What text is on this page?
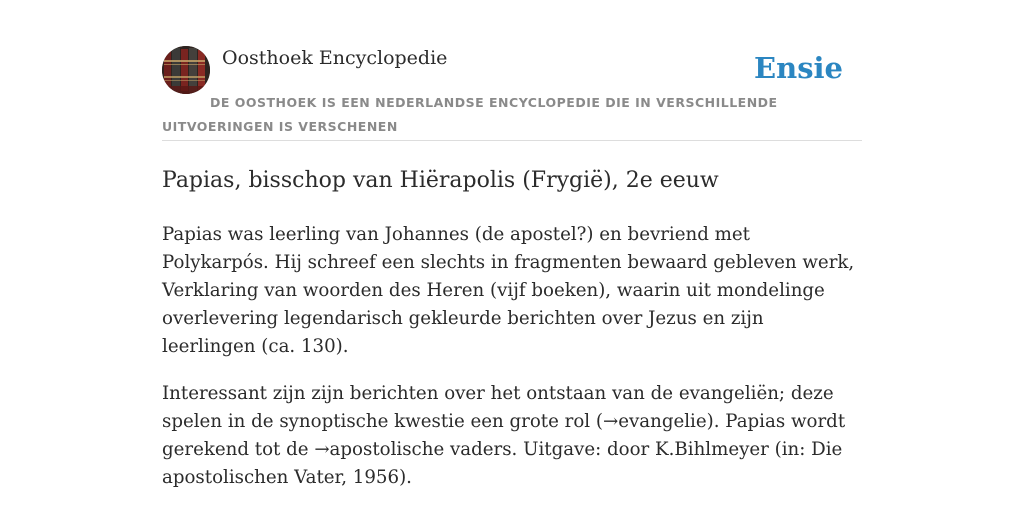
Oosthoek Encyclopedie	Ensie
DE OOSTHOEK IS EEN NEDERLANDSE ENCYCLOPEDIE DIE IN VERSCHILLENDE UITVOERINGEN IS VERSCHENEN
Papias, bisschop van Hiërapolis (Frygië), 2e eeuw

Papias was leerling van Johannes (de apostel?) en bevriend met Polykarpós. Hij schreef een slechts in fragmenten bewaard gebleven werk, Verklaring van woorden des Heren (vijf boeken), waarin uit mondelinge overlevering legendarisch gekleurde berichten over Jezus en zijn leerlingen (ca. 130).

Interessant zijn zijn berichten over het ontstaan van de evangeliën; deze spelen in de synoptische kwestie een grote rol (→evangelie). Papias wordt gerekend tot de →apostolische vaders. Uitgave: door K.Bihlmeyer (in: Die apostolischen Vater, 1956).
